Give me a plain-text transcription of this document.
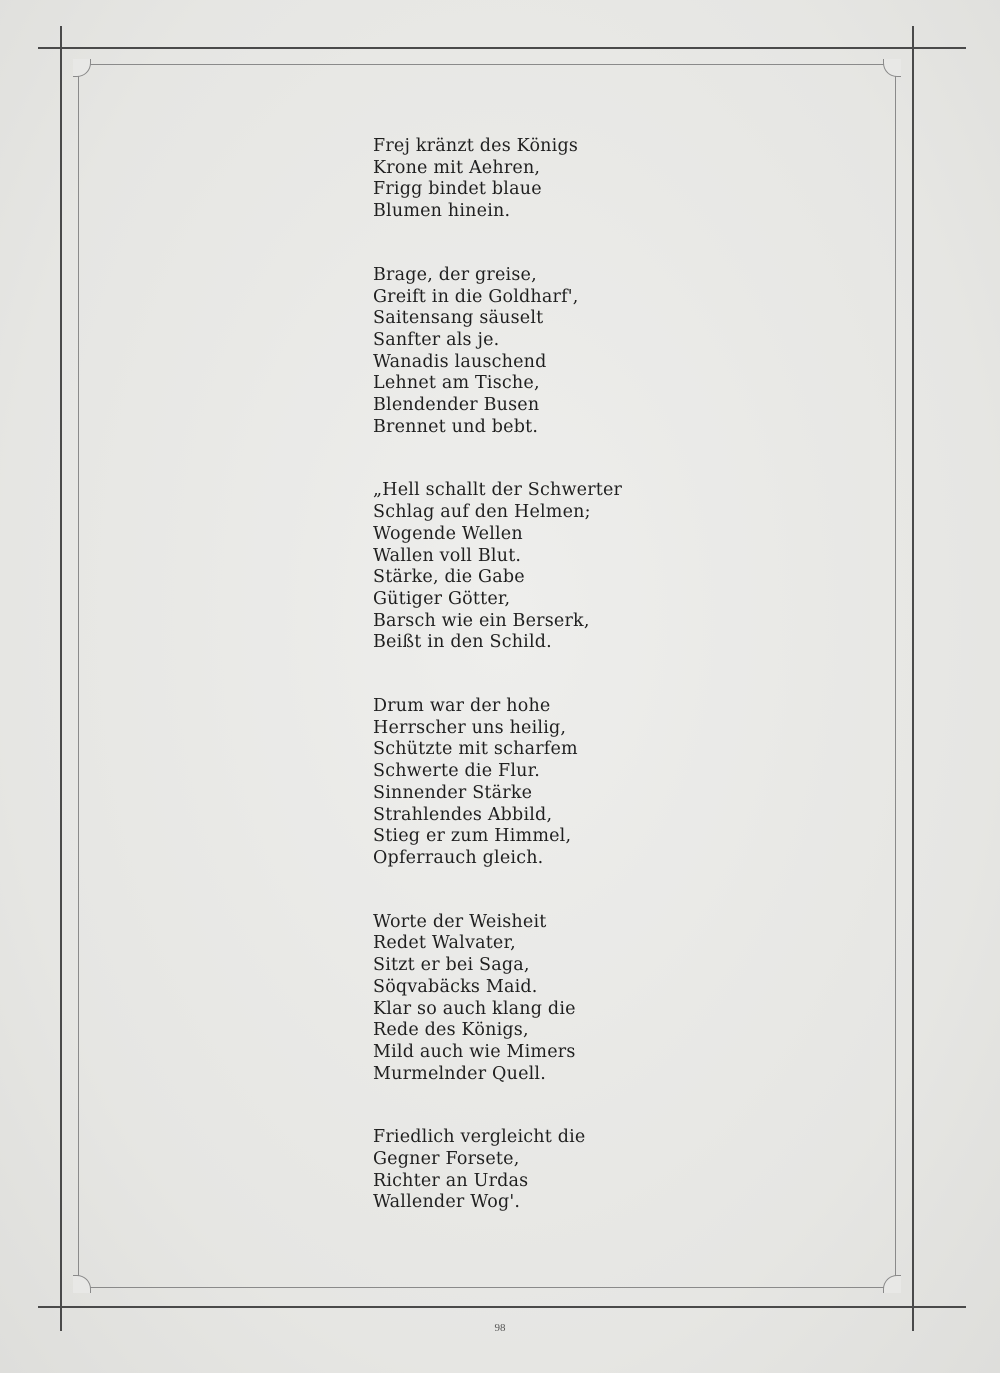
Frej kränzt des Königs
Krone mit Aehren,
Frigg bindet blaue
Blumen hinein.
Brage, der greise,
Greift in die Goldharf',
Saitensang säuselt
Sanfter als je.
Wanadis lauschend
Lehnet am Tische,
Blendender Busen
Brennet und bebt.
„Hell schallt der Schwerter
Schlag auf den Helmen;
Wogende Wellen
Wallen voll Blut.
Stärke, die Gabe
Gütiger Götter,
Barsch wie ein Berserk,
Beißt in den Schild.
Drum war der hohe
Herrscher uns heilig,
Schützte mit scharfem
Schwerte die Flur.
Sinnender Stärke
Strahlendes Abbild,
Stieg er zum Himmel,
Opferrauch gleich.
Worte der Weisheit
Redet Walvater,
Sitzt er bei Saga,
Söqvabäcks Maid.
Klar so auch klang die
Rede des Königs,
Mild auch wie Mimers
Murmelnder Quell.
Friedlich vergleicht die
Gegner Forsete,
Richter an Urdas
Wallender Wog'.
98
